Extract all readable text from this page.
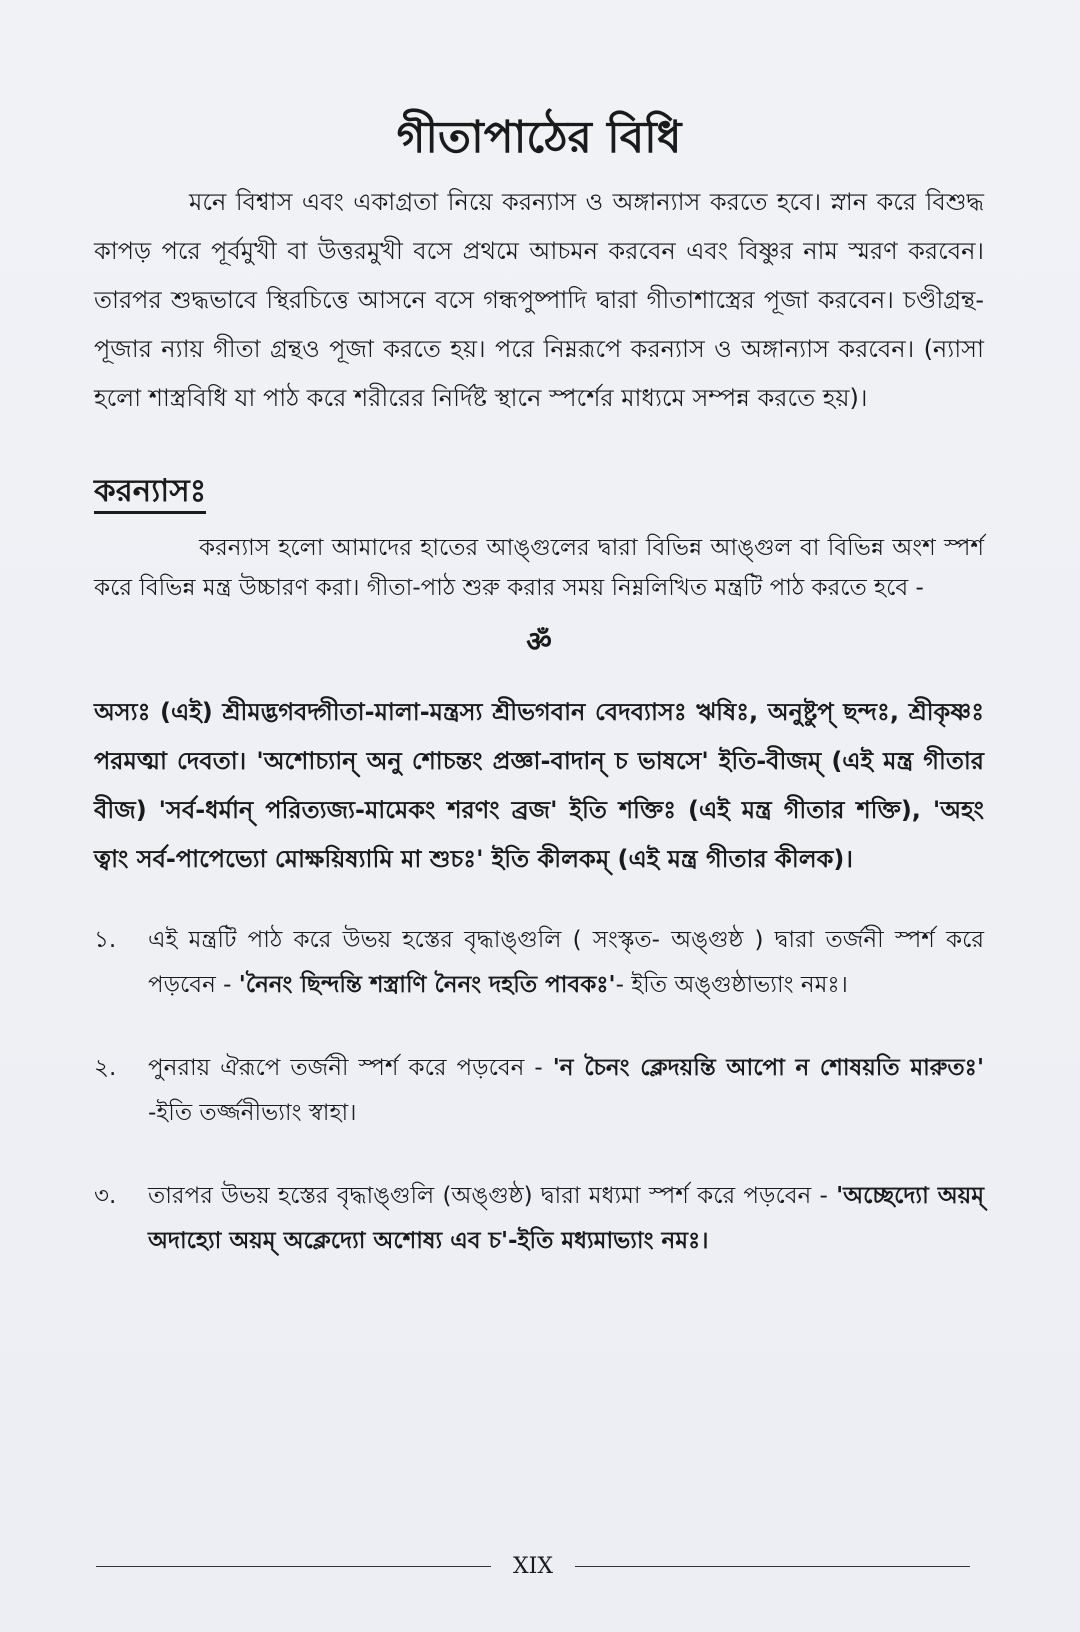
গীতাপাঠের বিধি

মনে বিশ্বাস এবং একাগ্রতা নিয়ে করন্যাস ও অঙ্গান্যাস করতে হবে। স্নান করে বিশুদ্ধ কাপড় পরে পূর্বমুখী বা উত্তরমুখী বসে প্রথমে আচমন করবেন এবং বিষ্ণুর নাম স্মরণ করবেন। তারপর শুদ্ধভাবে স্থিরচিত্তে আসনে বসে গন্ধপুষ্পাদি দ্বারা গীতাশাস্ত্রের পূজা করবেন। চণ্ডীগ্রন্থ-পূজার ন্যায় গীতা গ্রন্থও পূজা করতে হয়। পরে নিম্নরূপে করন্যাস ও অঙ্গান্যাস করবেন। (ন্যাসা হলো শাস্ত্রবিধি যা পাঠ করে শরীরের নির্দিষ্ট স্থানে স্পর্শের মাধ্যমে সম্পন্ন করতে হয়)।

করন্যাসঃ

করন্যাস হলো আমাদের হাতের আঙ্গুলের দ্বারা বিভিন্ন আঙ্গুল বা বিভিন্ন অংশ স্পর্শ করে বিভিন্ন মন্ত্র উচ্চারণ করা। গীতা-পাঠ শুরু করার সময় নিম্নলিখিত মন্ত্রটি পাঠ করতে হবে -

ॐ

অস্যঃ (এই) শ্রীমদ্ভগবদ্গীতা-মালা-মন্ত্রস্য শ্রীভগবান বেদব্যাসঃ ঋষিঃ, অনুষ্টুপ্ ছন্দঃ, শ্রীকৃষ্ণঃ পরমত্মা দেবতা। 'অশোচ্যান্ অনু শোচন্তং প্রজ্ঞা-বাদান্ চ ভাষসে' ইতি-বীজম্ (এই মন্ত্র গীতার বীজ) 'সর্ব-ধর্মান্ পরিত্যজ্য-মামেকং শরণং ব্রজ' ইতি শক্তিঃ (এই মন্ত্র গীতার শক্তি), 'অহং ত্বাং সর্ব-পাপেভ্যো মোক্ষয়িষ্যামি মা শুচঃ' ইতি কীলকম্ (এই মন্ত্র গীতার কীলক)।

১.	এই মন্ত্রটি পাঠ করে উভয় হস্তের বৃদ্ধাঙ্গুলি ( সংস্কৃত- অঙ্গুষ্ঠ ) দ্বারা তর্জনী স্পর্শ করে পড়বেন - 'নৈনং ছিন্দন্তি শস্ত্রাণি নৈনং দহতি পাবকঃ'- ইতি অঙ্গুষ্ঠাভ্যাং নমঃ।
২.	পুনরায় ঐরূপে তর্জনী স্পর্শ করে পড়বেন - 'ন চৈনং ক্লেদয়ন্তি আপো ন শোষয়তি মারুতঃ' -ইতি তর্জ্জনীভ্যাং স্বাহা।
৩.	তারপর উভয় হস্তের বৃদ্ধাঙ্গুলি (অঙ্গুষ্ঠ) দ্বারা মধ্যমা স্পর্শ করে পড়বেন - 'অচ্ছেদ্যো অয়ম্ অদাহ্যো অয়ম্ অক্লেদ্যো অশোষ্য এব চ'-ইতি মধ্যমাভ্যাং নমঃ।
XIX
